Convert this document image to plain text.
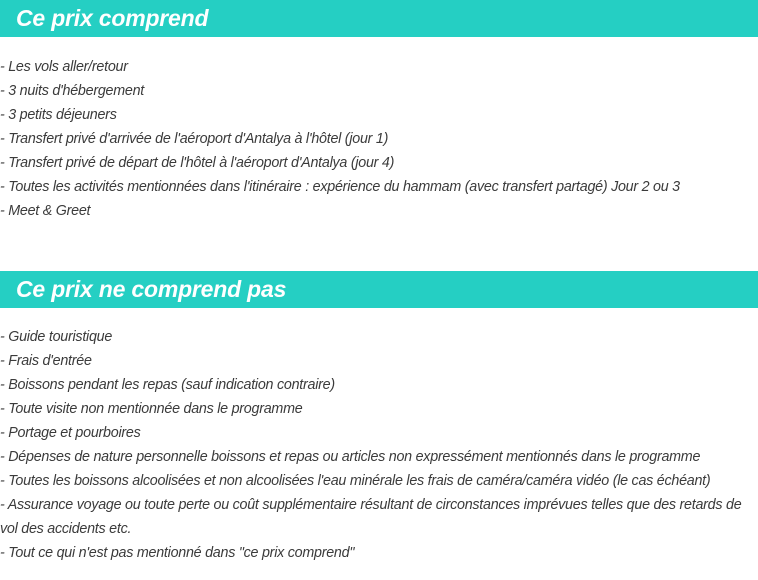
Ce prix comprend
- Les vols aller/retour
- 3 nuits d'hébergement
- 3 petits déjeuners
- Transfert privé d'arrivée de l'aéroport d'Antalya à l'hôtel (jour 1)
- Transfert privé de départ de l'hôtel à l'aéroport d'Antalya (jour 4)
- Toutes les activités mentionnées dans l'itinéraire : expérience du hammam (avec transfert partagé) Jour 2 ou 3
- Meet & Greet
Ce prix ne comprend pas
- Guide touristique
- Frais d'entrée
- Boissons pendant les repas (sauf indication contraire)
- Toute visite non mentionnée dans le programme
- Portage et pourboires
- Dépenses de nature personnelle boissons et repas ou articles non expressément mentionnés dans le programme
- Toutes les boissons alcoolisées et non alcoolisées l'eau minérale les frais de caméra/caméra vidéo (le cas échéant)
- Assurance voyage ou toute perte ou coût supplémentaire résultant de circonstances imprévues telles que des retards de vol des accidents etc.
- Tout ce qui n'est pas mentionné dans "ce prix comprend"
